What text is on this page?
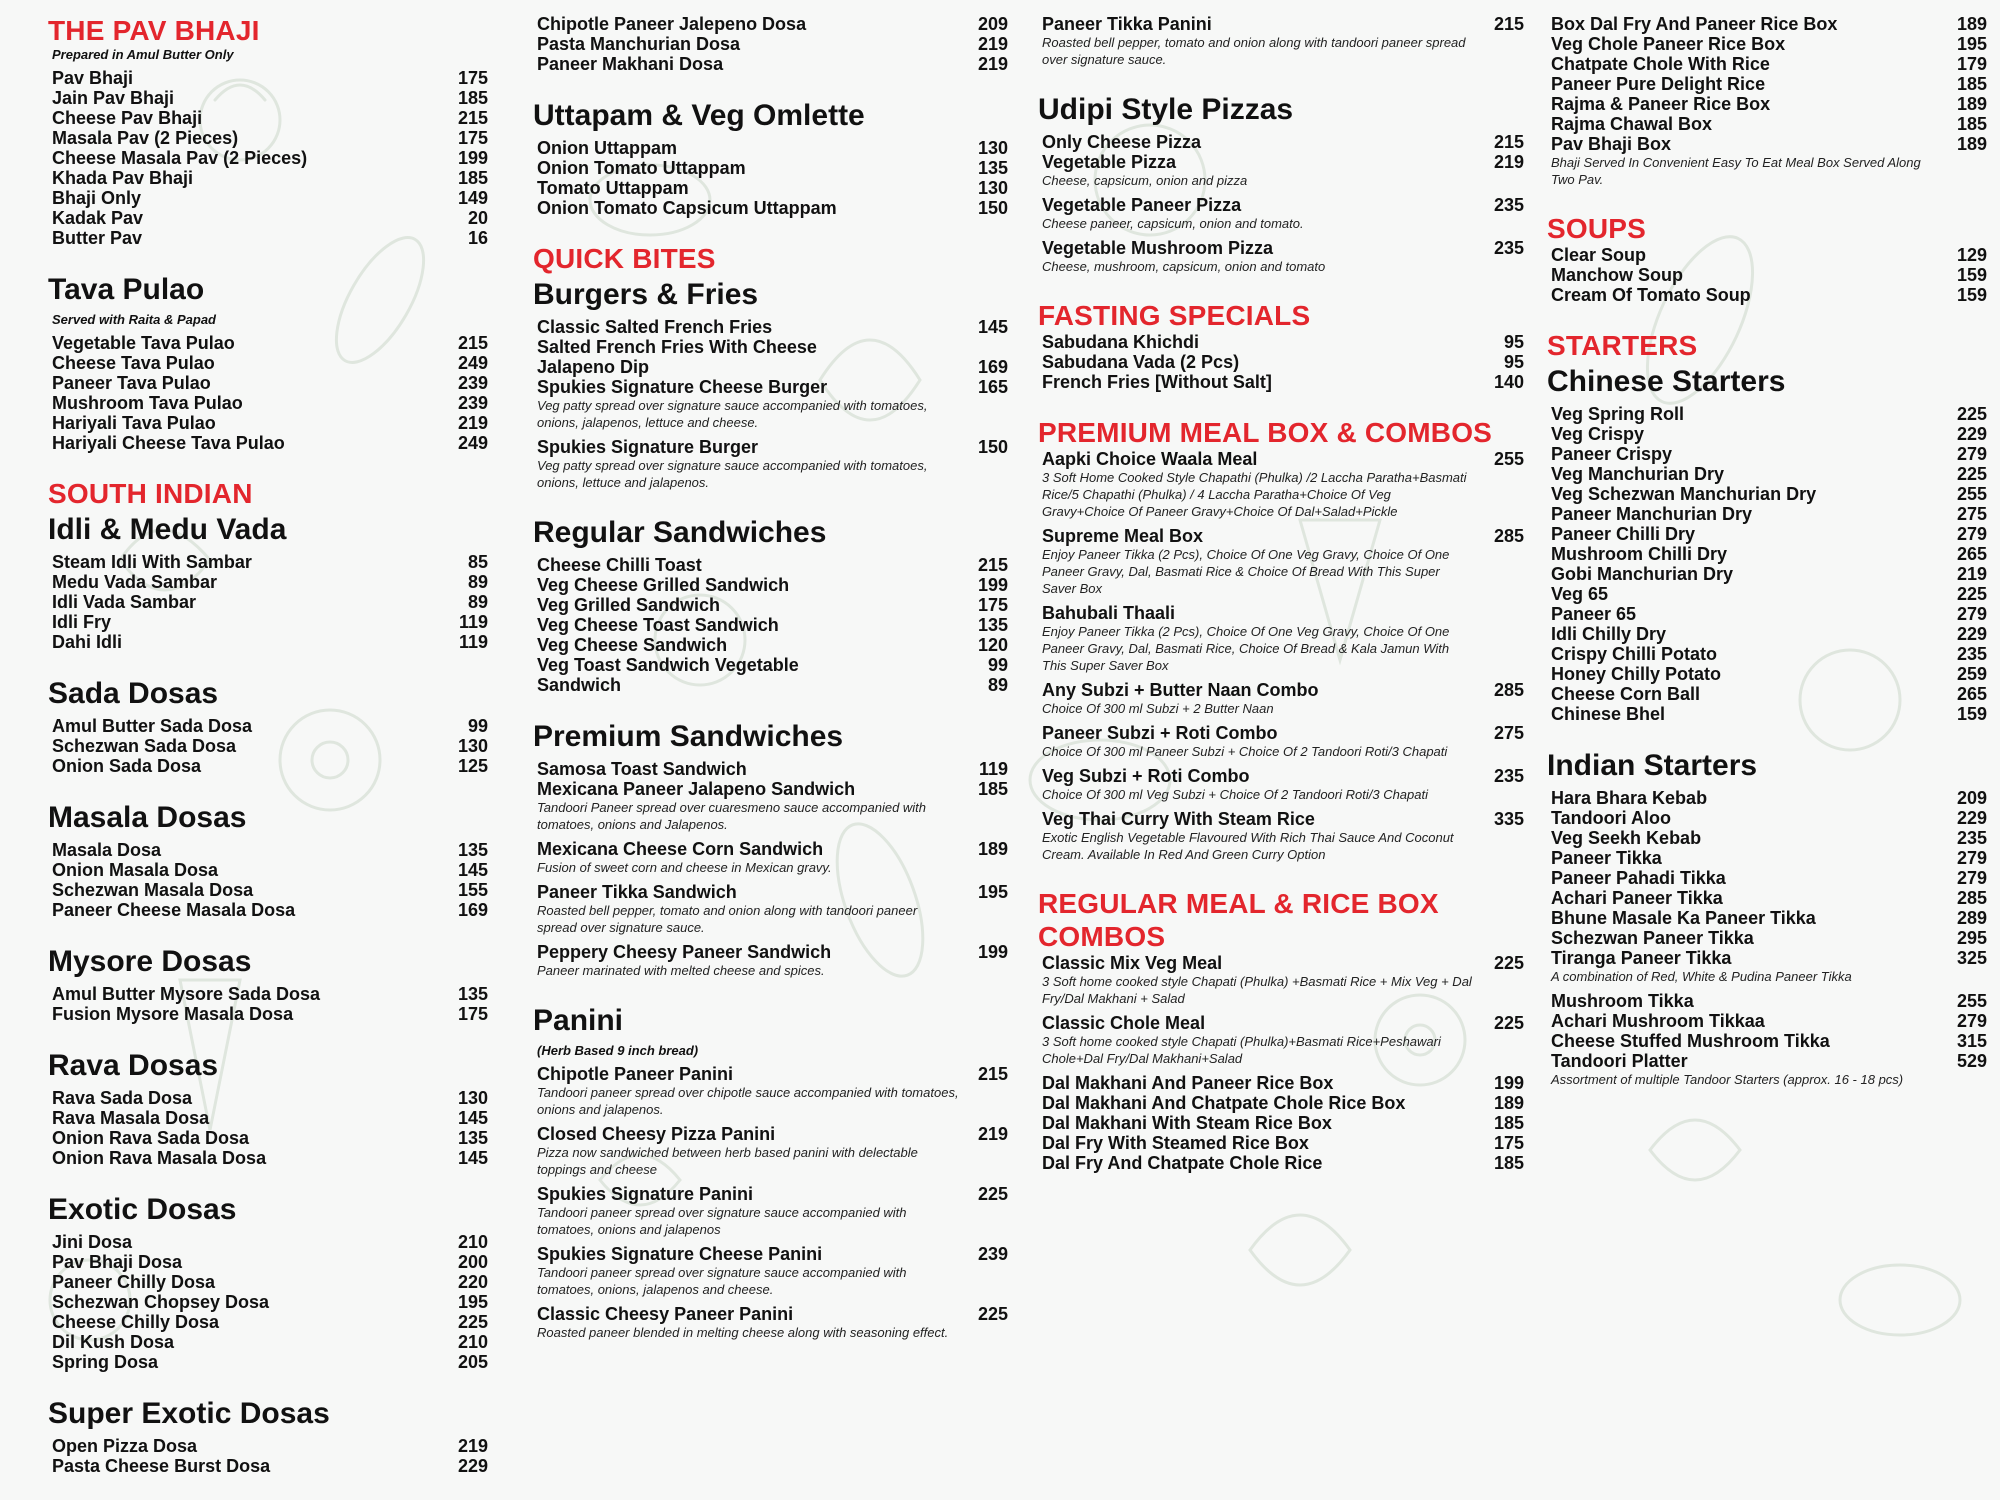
THE PAV BHAJI
Prepared in Amul Butter Only
Pav Bhaji	175
Jain Pav Bhaji	185
Cheese Pav Bhaji	215
Masala Pav (2 Pieces)	175
Cheese Masala Pav (2 Pieces)	199
Khada Pav Bhaji	185
Bhaji Only	149
Kadak Pav	20
Butter Pav	16
Tava Pulao
Served with Raita & Papad
Vegetable Tava Pulao	215
Cheese Tava Pulao	249
Paneer Tava Pulao	239
Mushroom Tava Pulao	239
Hariyali Tava Pulao	219
Hariyali Cheese Tava Pulao	249
SOUTH INDIAN
Idli & Medu Vada
Steam Idli With Sambar	85
Medu Vada Sambar	89
Idli Vada Sambar	89
Idli Fry	119
Dahi Idli	119
Sada Dosas
Amul Butter Sada Dosa	99
Schezwan Sada Dosa	130
Onion Sada Dosa	125
Masala Dosas
Masala Dosa	135
Onion Masala Dosa	145
Schezwan Masala Dosa	155
Paneer Cheese Masala Dosa	169
Mysore Dosas
Amul Butter Mysore Sada Dosa	135
Fusion Mysore Masala Dosa	175
Rava Dosas
Rava Sada Dosa	130
Rava Masala Dosa	145
Onion Rava Sada Dosa	135
Onion Rava Masala Dosa	145
Exotic Dosas
Jini Dosa	210
Pav Bhaji Dosa	200
Paneer Chilly Dosa	220
Schezwan Chopsey Dosa	195
Cheese Chilly Dosa	225
Dil Kush Dosa	210
Spring Dosa	205
Super Exotic Dosas
Open Pizza Dosa	219
Pasta Cheese Burst Dosa	229
Chipotle Paneer Jalepeno Dosa	209
Pasta Manchurian Dosa	219
Paneer Makhani Dosa	219
Uttapam & Veg Omlette
Onion Uttappam	130
Onion Tomato Uttappam	135
Tomato Uttappam	130
Onion Tomato Capsicum Uttappam	150
QUICK BITES
Burgers & Fries
Classic Salted French Fries	145
Salted French Fries With Cheese
Jalapeno Dip	169
Spukies Signature Cheese Burger	165
Veg patty spread over signature sauce accompanied with tomatoes, onions, jalapenos, lettuce and cheese.
Spukies Signature Burger	150
Veg patty spread over signature sauce accompanied with tomatoes, onions, lettuce and jalapenos.
Regular Sandwiches
Cheese Chilli Toast	215
Veg Cheese Grilled Sandwich	199
Veg Grilled Sandwich	175
Veg Cheese Toast Sandwich	135
Veg Cheese Sandwich	120
Veg Toast Sandwich Vegetable	99
Sandwich	89
Premium Sandwiches
Samosa Toast Sandwich	119
Mexicana Paneer Jalapeno Sandwich	185
Tandoori Paneer spread over cuaresmeno sauce accompanied with tomatoes, onions and Jalapenos.
Mexicana Cheese Corn Sandwich	189
Fusion of sweet corn and cheese in Mexican gravy.
Paneer Tikka Sandwich	195
Roasted bell pepper, tomato and onion along with tandoori paneer spread over signature sauce.
Peppery Cheesy Paneer Sandwich	199
Paneer marinated with melted cheese and spices.
Panini
(Herb Based 9 inch bread)
Chipotle Paneer Panini	215
Tandoori paneer spread over chipotle sauce accompanied with tomatoes, onions and jalapenos.
Closed Cheesy Pizza Panini	219
Pizza now sandwiched between herb based panini with delectable toppings and cheese
Spukies Signature Panini	225
Tandoori paneer spread over signature sauce accompanied with tomatoes, onions and jalapenos
Spukies Signature Cheese Panini	239
Tandoori paneer spread over signature sauce accompanied with tomatoes, onions, jalapenos and cheese.
Classic Cheesy Paneer Panini	225
Roasted paneer blended in melting cheese along with seasoning effect.
Paneer Tikka Panini	215
Roasted bell pepper, tomato and onion along with tandoori paneer spread over signature sauce.
Udipi Style Pizzas
Only Cheese Pizza	215
Vegetable Pizza	219
Cheese, capsicum, onion and pizza
Vegetable Paneer Pizza	235
Cheese paneer, capsicum, onion and tomato.
Vegetable Mushroom Pizza	235
Cheese, mushroom, capsicum, onion and tomato
FASTING SPECIALS
Sabudana Khichdi	95
Sabudana Vada (2 Pcs)	95
French Fries [Without Salt]	140
PREMIUM MEAL BOX & COMBOS
Aapki Choice Waala Meal	255
3 Soft Home Cooked Style Chapathi (Phulka) /2 Laccha Paratha+Basmati Rice/5 Chapathi (Phulka) / 4 Laccha Paratha+Choice Of Veg Gravy+Choice Of Paneer Gravy+Choice Of Dal+Salad+Pickle
Supreme Meal Box	285
Enjoy Paneer Tikka (2 Pcs), Choice Of One Veg Gravy, Choice Of One Paneer Gravy, Dal, Basmati Rice & Choice Of Bread With This Super Saver Box
Bahubali Thaali
Enjoy Paneer Tikka (2 Pcs), Choice Of One Veg Gravy, Choice Of One Paneer Gravy, Dal, Basmati Rice, Choice Of Bread & Kala Jamun With This Super Saver Box
Any Subzi + Butter Naan Combo	285
Choice Of 300 ml Subzi + 2 Butter Naan
Paneer Subzi + Roti Combo	275
Choice Of 300 ml Paneer Subzi + Choice Of 2 Tandoori Roti/3 Chapati
Veg Subzi + Roti Combo	235
Choice Of 300 ml Veg Subzi + Choice Of 2 Tandoori Roti/3 Chapati
Veg Thai Curry With Steam Rice	335
Exotic English Vegetable Flavoured With Rich Thai Sauce And Coconut Cream. Available In Red And Green Curry Option
REGULAR MEAL & RICE BOX COMBOS
Classic Mix Veg Meal	225
3 Soft home cooked style Chapati (Phulka) +Basmati Rice + Mix Veg + Dal Fry/Dal Makhani + Salad
Classic Chole Meal	225
3 Soft home cooked style Chapati (Phulka)+Basmati Rice+Peshawari Chole+Dal Fry/Dal Makhani+Salad
Dal Makhani And Paneer Rice Box	199
Dal Makhani And Chatpate Chole Rice Box	189
Dal Makhani With Steam Rice Box	185
Dal Fry With Steamed Rice Box	175
Dal Fry And Chatpate Chole Rice	185
Box Dal Fry And Paneer Rice Box	189
Veg Chole Paneer Rice Box	195
Chatpate Chole With Rice	179
Paneer Pure Delight Rice	185
Rajma & Paneer Rice Box	189
Rajma Chawal Box	185
Pav Bhaji Box	189
Bhaji Served In Convenient Easy To Eat Meal Box Served Along Two Pav.
SOUPS
Clear Soup	129
Manchow Soup	159
Cream Of Tomato Soup	159
STARTERS
Chinese Starters
Veg Spring Roll	225
Veg Crispy	229
Paneer Crispy	279
Veg Manchurian Dry	225
Veg Schezwan Manchurian Dry	255
Paneer Manchurian Dry	275
Paneer Chilli Dry	279
Mushroom Chilli Dry	265
Gobi Manchurian Dry	219
Veg 65	225
Paneer 65	279
Idli Chilly Dry	229
Crispy Chilli Potato	235
Honey Chilly Potato	259
Cheese Corn Ball	265
Chinese Bhel	159
Indian Starters
Hara Bhara Kebab	209
Tandoori Aloo	229
Veg Seekh Kebab	235
Paneer Tikka	279
Paneer Pahadi Tikka	279
Achari Paneer Tikka	285
Bhune Masale Ka Paneer Tikka	289
Schezwan Paneer Tikka	295
Tiranga Paneer Tikka	325
A combination of Red, White & Pudina Paneer Tikka
Mushroom Tikka	255
Achari Mushroom Tikkaa	279
Cheese Stuffed Mushroom Tikka	315
Tandoori Platter	529
Assortment of multiple Tandoor Starters (approx. 16 - 18 pcs)
